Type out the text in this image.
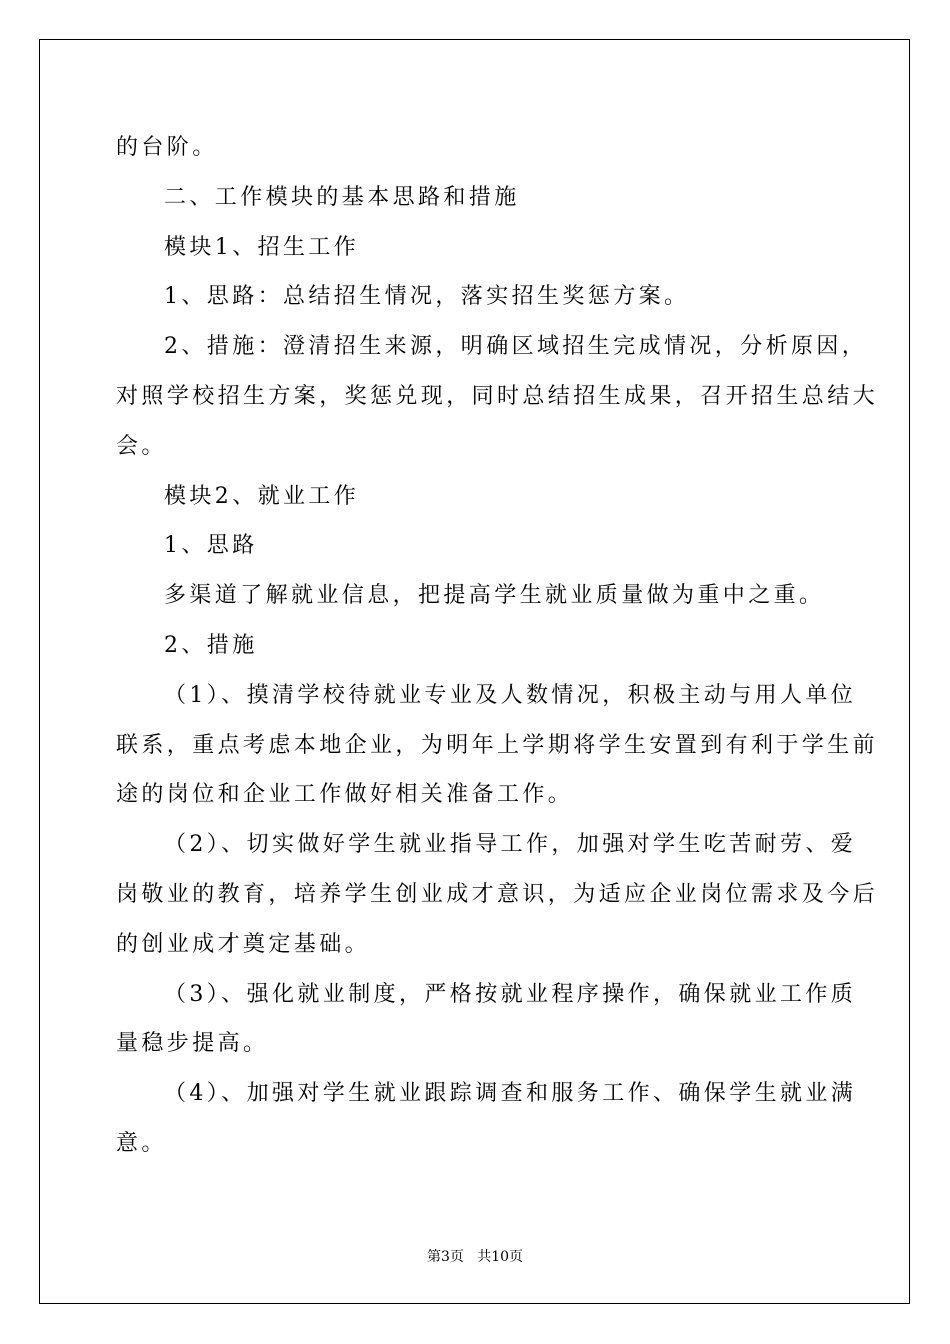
的台阶。
二、工作模块的基本思路和措施
模块1、招生工作
1、思路：总结招生情况，落实招生奖惩方案。
2、措施：澄清招生来源，明确区域招生完成情况，分析原因，
对照学校招生方案，奖惩兑现，同时总结招生成果，召开招生总结大
会。
模块2、就业工作
1、思路
多渠道了解就业信息，把提高学生就业质量做为重中之重。
2、措施
（1）、摸清学校待就业专业及人数情况，积极主动与用人单位
联系，重点考虑本地企业，为明年上学期将学生安置到有利于学生前
途的岗位和企业工作做好相关准备工作。
（2）、切实做好学生就业指导工作，加强对学生吃苦耐劳、爱
岗敬业的教育，培养学生创业成才意识，为适应企业岗位需求及今后
的创业成才奠定基础。
（3）、强化就业制度，严格按就业程序操作，确保就业工作质
量稳步提高。
（4）、加强对学生就业跟踪调查和服务工作、确保学生就业满
意。
第3页   共10页
